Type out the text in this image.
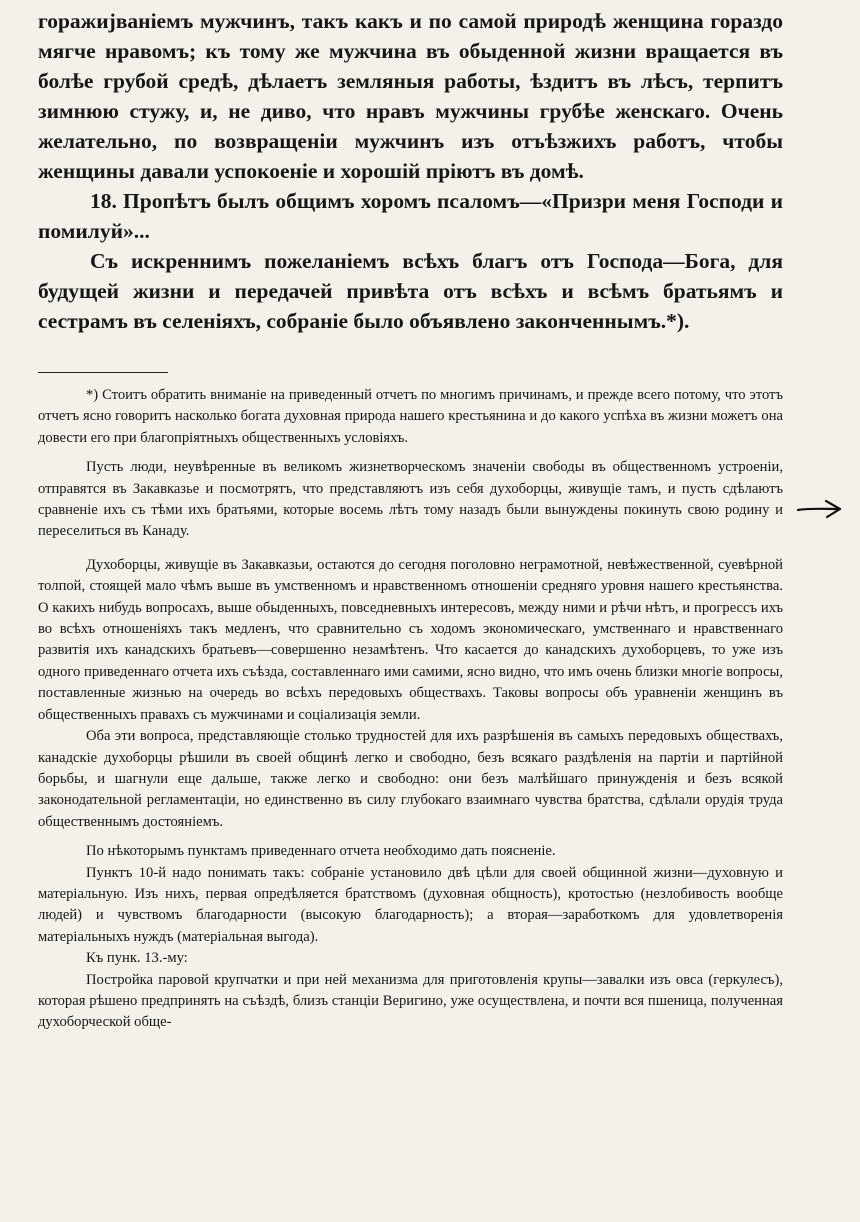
горажиjваніемъ мужчинъ, такъ какъ и по самой природѣ женщина гораздо мягче нравомъ; къ тому же мужчина въ обыденной жизни вращается въ болѣе грубой средѣ, дѣлаетъ земляныя работы, ѣздитъ въ лѣсъ, терпитъ зимнюю стужу, и, не диво, что нравъ мужчины грубѣе женскаго. Очень желательно, по возвращеніи мужчинъ изъ отъѣзжихъ работъ, чтобы женщины давали успокоеніе и хорошій пріютъ въ домѣ.

18. Пропѣтъ былъ общимъ хоромъ псаломъ—«Призри меня Господи и помилуй»...

Съ искреннимъ пожеланіемъ всѣхъ благъ отъ Господа—Бога, для будущей жизни и передачей привѣта отъ всѣхъ и всѣмъ братьямъ и сестрамъ въ селеніяхъ, собраніе было объявлено законченнымъ.*).

*) Стоитъ обратить вниманіе на приведенный отчетъ по многимъ причинамъ, и прежде всего потому, что этотъ отчетъ ясно говоритъ насколько богата духовная природа нашего крестьянина и до какого успѣха въ жизни можетъ она довести его при благопріятныхъ общественныхъ условіяхъ.

Пусть люди, неувѣренные въ великомъ жизнетворческомъ значеніи свободы въ общественномъ устроеніи, отправятся въ Закавказье и посмотрятъ, что представляютъ изъ себя духоборцы, живущіе тамъ, и пусть сдѣлаютъ сравненіе ихъ съ тѣми ихъ братьями, которые восемь лѣтъ тому назадъ были вынуждены покинуть свою родину и переселиться въ Канаду.

Духоборцы, живущіе въ Закавказьи, остаются до сегодня поголовно неграмотной, невѣжественной, суевѣрной толпой, стоящей мало чѣмъ выше въ умственномъ и нравственномъ отношеніи средняго уровня нашего крестьянства. О какихъ нибудь вопросахъ, выше обыденныхъ, повседневныхъ интересовъ, между ними и рѣчи нѣтъ, и прогрессъ ихъ во всѣхъ отношеніяхъ такъ медленъ, что сравнительно съ ходомъ экономическаго, умственнаго и нравственнаго развитія ихъ канадскихъ братьевъ—совершенно незамѣтенъ. Что касается до канадскихъ духоборцевъ, то уже изъ одного приведеннаго отчета ихъ съѣзда, составленнаго ими самими, ясно видно, что имъ очень близки многіе вопросы, поставленные жизнью на очередь во всѣхъ передовыхъ обществахъ. Таковы вопросы объ уравненіи женщинъ въ общественныхъ правахъ съ мужчинами и соціализація земли.

Оба эти вопроса, представляющіе столько трудностей для ихъ разрѣшенія въ самыхъ передовыхъ обществахъ, канадскіе духоборцы рѣшили въ своей общинѣ легко и свободно, безъ всякаго раздѣленія на партіи и партійной борьбы, и шагнули еще дальше, также легко и свободно: они безъ малѣйшаго принужденія и безъ всякой законодательной регламентаціи, но единственно въ силу глубокаго взаимнаго чувства братства, сдѣлали орудія труда общественнымъ достояніемъ.

По нѣкоторымъ пунктамъ приведеннаго отчета необходимо дать поясненіе.

Пунктъ 10-й надо понимать такъ: собраніе установило двѣ цѣли для своей общинной жизни—духовную и матеріальную. Изъ нихъ, первая опредѣляется братствомъ (духовная общность), кротостью (незлобивость вообще людей) и чувствомъ благодарности (высокую благодарность); а вторая—заработкомъ для удовлетворенія матеріальныхъ нуждъ (матеріальная выгода).

Къ пунк. 13.-му:

Постройка паровой крупчатки и при ней механизма для приготовленія крупы—завалки изъ овса (геркулесъ), которая рѣшено предпринять на съѣздѣ, близъ станціи Веригино, уже осуществлена, и почти вся пшеница, полученная духоборческой обще-
